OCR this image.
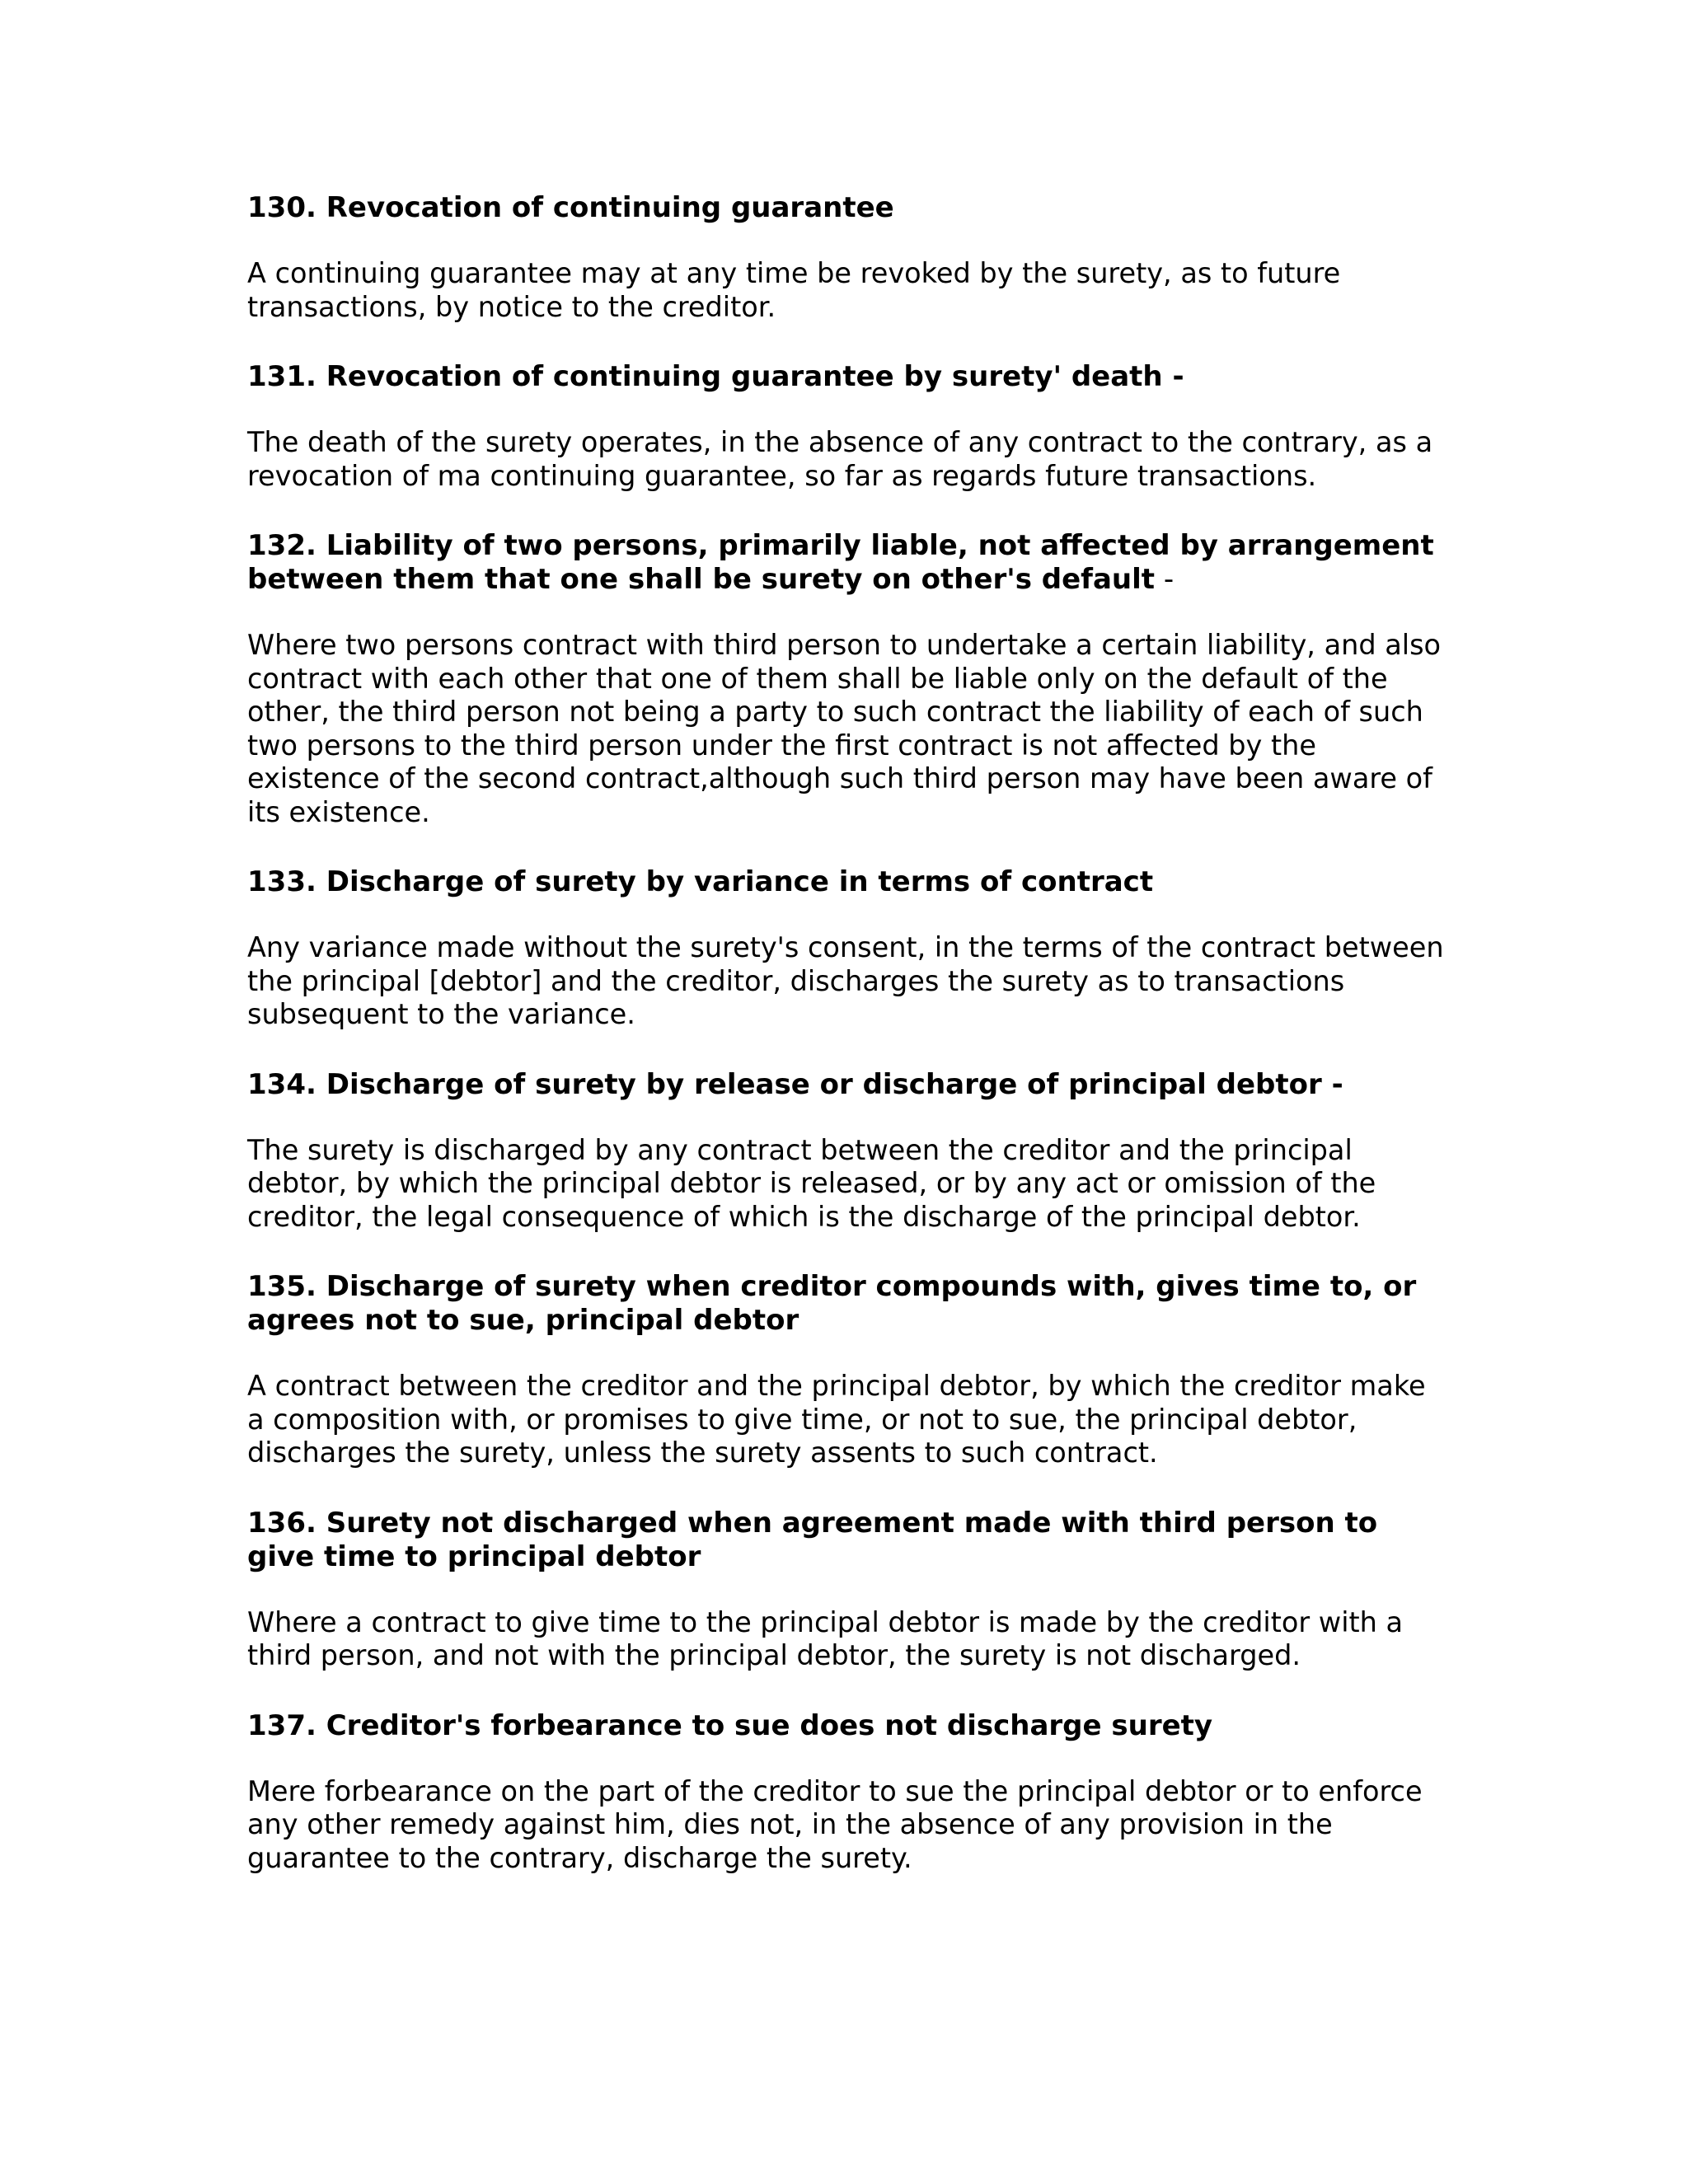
130. Revocation of continuing guarantee

A continuing guarantee may at any time be revoked by the surety, as to future transactions, by notice to the creditor.

131. Revocation of continuing guarantee by surety' death -

The death of the surety operates, in the absence of any contract to the contrary, as a revocation of ma continuing guarantee, so far as regards future transactions.

132. Liability of two persons, primarily liable, not affected by arrangement between them that one shall be surety on other's default -

Where two persons contract with third person to undertake a certain liability, and also contract with each other that one of them shall be liable only on the default of the other, the third person not being a party to such contract the liability of each of such two persons to the third person under the first contract is not affected by the existence of the second contract,although such third person may have been aware of its existence.

133. Discharge of surety by variance in terms of contract

Any variance made without the surety's consent, in the terms of the contract between the principal [debtor] and the creditor, discharges the surety as to transactions subsequent to the variance.

134. Discharge of surety by release or discharge of principal debtor -

The surety is discharged by any contract between the creditor and the principal debtor, by which the principal debtor is released, or by any act or omission of the creditor, the legal consequence of which is the discharge of the principal debtor.

135. Discharge of surety when creditor compounds with, gives time to, or agrees not to sue, principal debtor

A contract between the creditor and the principal debtor, by which the creditor make a composition with, or promises to give time, or not to sue, the principal debtor, discharges the surety, unless the surety assents to such contract.

136. Surety not discharged when agreement made with third person to give time to principal debtor

Where a contract to give time to the principal debtor is made by the creditor with a third person, and not with the principal debtor, the surety is not discharged.

137. Creditor's forbearance to sue does not discharge surety

Mere forbearance on the part of the creditor to sue the principal debtor or to enforce any other remedy against him, dies not, in the absence of any provision in the guarantee to the contrary, discharge the surety.
